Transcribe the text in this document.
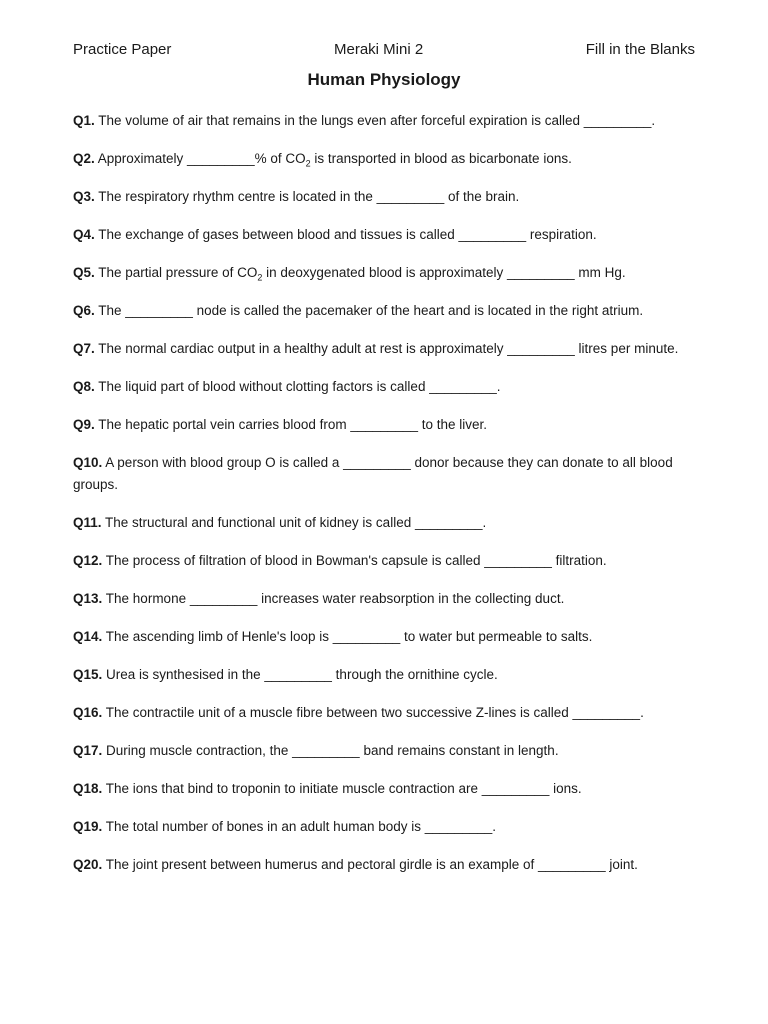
Practice Paper	Meraki Mini 2	Fill in the Blanks
Human Physiology

Q1. The volume of air that remains in the lungs even after forceful expiration is called _________.

Q2. Approximately _________% of $CO_2$ is transported in blood as bicarbonate ions.

Q3. The respiratory rhythm centre is located in the _________ of the brain.

Q4. The exchange of gases between blood and tissues is called _________ respiration.

Q5. The partial pressure of $CO_2$ in deoxygenated blood is approximately _________ mm Hg.

Q6. The _________ node is called the pacemaker of the heart and is located in the right atrium.

Q7. The normal cardiac output in a healthy adult at rest is approximately _________ litres per minute.

Q8. The liquid part of blood without clotting factors is called _________.

Q9. The hepatic portal vein carries blood from _________ to the liver.

Q10. A person with blood group O is called a _________ donor because they can donate to all blood groups.

Q11. The structural and functional unit of kidney is called _________.

Q12. The process of filtration of blood in Bowman's capsule is called _________ filtration.

Q13. The hormone _________ increases water reabsorption in the collecting duct.

Q14. The ascending limb of Henle's loop is _________ to water but permeable to salts.

Q15. Urea is synthesised in the _________ through the ornithine cycle.

Q16. The contractile unit of a muscle fibre between two successive Z-lines is called _________.

Q17. During muscle contraction, the _________ band remains constant in length.

Q18. The ions that bind to troponin to initiate muscle contraction are _________ ions.

Q19. The total number of bones in an adult human body is _________.

Q20. The joint present between humerus and pectoral girdle is an example of _________ joint.
